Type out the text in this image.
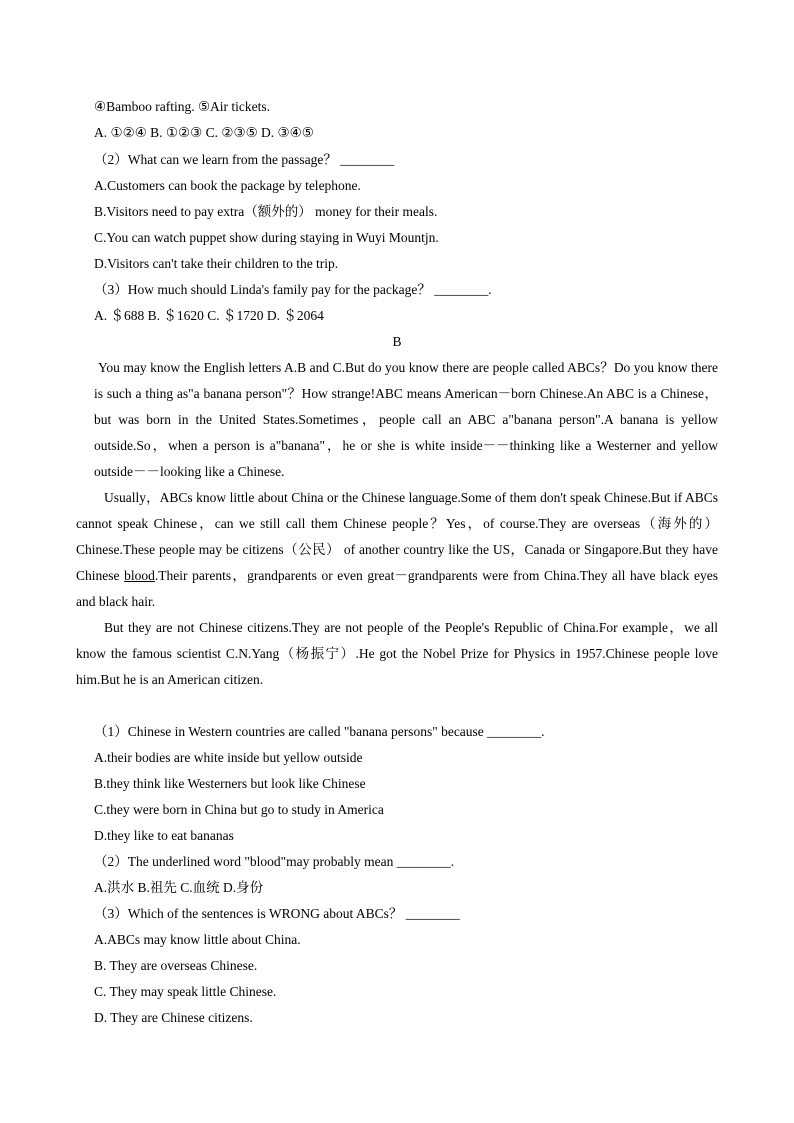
④Bamboo rafting. ⑤Air tickets.
A. ①②④ B. ①②③ C. ②③⑤ D. ③④⑤
（2）What can we learn from the passage？ ________
A.Customers can book the package by telephone.
B.Visitors need to pay extra（额外的） money for their meals.
C.You can watch puppet show during staying in Wuyi Mountjn.
D.Visitors can't take their children to the trip.
（3）How much should Linda's family pay for the package？ ________.
A. ＄688 B. ＄1620 C. ＄1720 D. ＄2064
B
You may know the English letters A.B and C.But do you know there are people called ABCs？Do you know there is such a thing as"a banana person"？How strange!ABC means American－born Chinese.An ABC is a Chinese，but was born in the United States.Sometimes，people call an ABC a"banana person".A banana is yellow outside.So，when a person is a"banana"，he or she is white inside－－thinking like a Westerner and yellow outside－－looking like a Chinese.
Usually，ABCs know little about China or the Chinese language.Some of them don't speak Chinese.But if ABCs cannot speak Chinese，can we still call them Chinese people？Yes，of course.They are overseas（海外的） Chinese.These people may be citizens（公民） of another country like the US，Canada or Singapore.But they have Chinese blood.Their parents，grandparents or even great－grandparents were from China.They all have black eyes and black hair.
But they are not Chinese citizens.They are not people of the People's Republic of China.For example，we all know the famous scientist C.N.Yang（杨振宁）.He got the Nobel Prize for Physics in 1957.Chinese people love him.But he is an American citizen.
（1）Chinese in Western countries are called "banana persons" because ________.
A.their bodies are white inside but yellow outside
B.they think like Westerners but look like Chinese
C.they were born in China but go to study in America
D.they like to eat bananas
（2）The underlined word "blood"may probably mean ________.
A.洪水 B.祖先 C.血统 D.身份
（3）Which of the sentences is WRONG about ABCs？ ________
A.ABCs may know little about China.
B. They are overseas Chinese.
C. They may speak little Chinese.
D. They are Chinese citizens.
